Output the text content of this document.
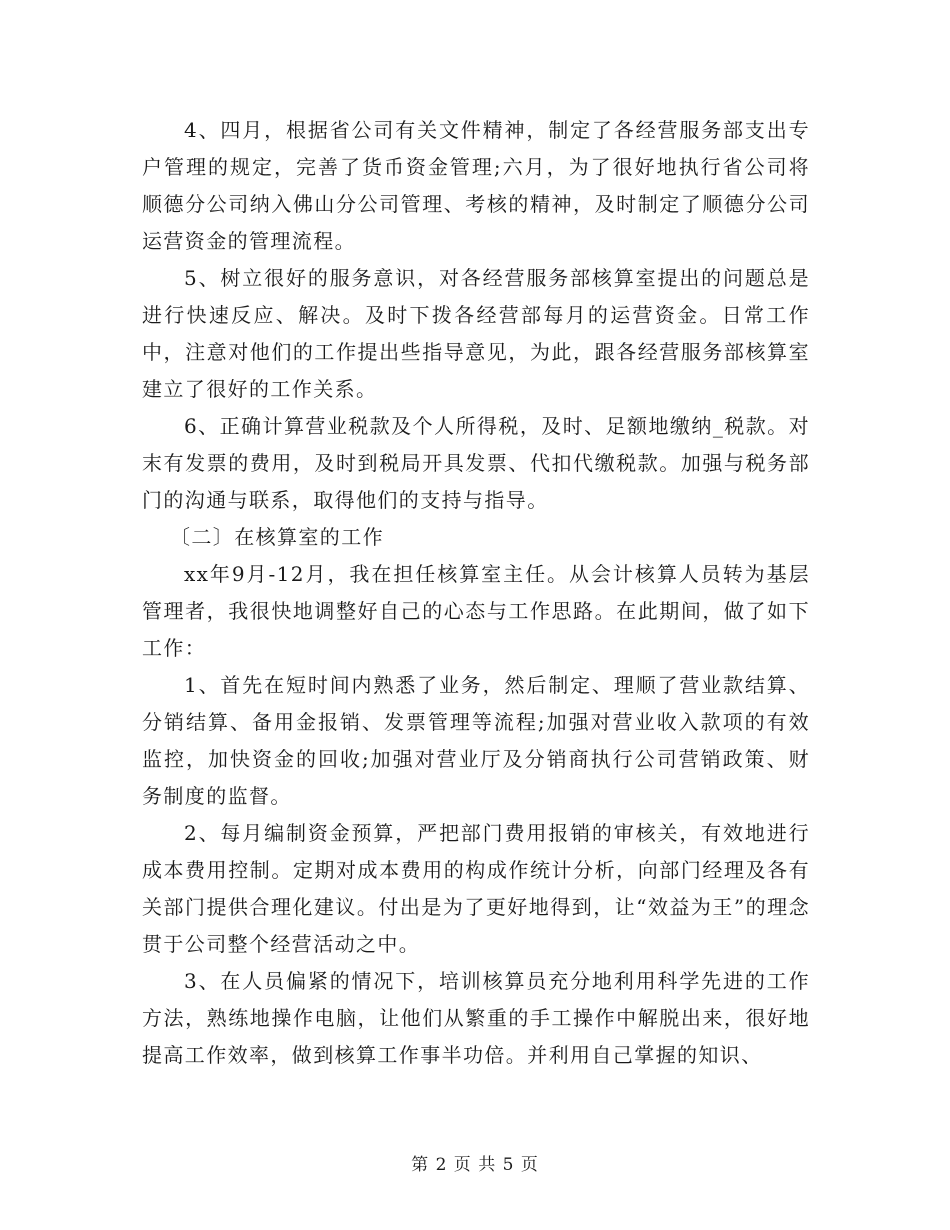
4、四月，根据省公司有关文件精神，制定了各经营服务部支出专户管理的规定，完善了货币资金管理;六月，为了很好地执行省公司将顺德分公司纳入佛山分公司管理、考核的精神，及时制定了顺德分公司运营资金的管理流程。

5、树立很好的服务意识，对各经营服务部核算室提出的问题总是进行快速反应、解决。及时下拨各经营部每月的运营资金。日常工作中，注意对他们的工作提出些指导意见，为此，跟各经营服务部核算室建立了很好的工作关系。

6、正确计算营业税款及个人所得税，及时、足额地缴纳_税款。对末有发票的费用，及时到税局开具发票、代扣代缴税款。加强与税务部门的沟通与联系，取得他们的支持与指导。

〔二〕在核算室的工作

xx年9月-12月，我在担任核算室主任。从会计核算人员转为基层管理者，我很快地调整好自己的心态与工作思路。在此期间，做了如下工作：

1、首先在短时间内熟悉了业务，然后制定、理顺了营业款结算、分销结算、备用金报销、发票管理等流程;加强对营业收入款项的有效监控，加快资金的回收;加强对营业厅及分销商执行公司营销政策、财务制度的监督。

2、每月编制资金预算，严把部门费用报销的审核关，有效地进行成本费用控制。定期对成本费用的构成作统计分析，向部门经理及各有关部门提供合理化建议。付出是为了更好地得到，让“效益为王”的理念贯于公司整个经营活动之中。

3、在人员偏紧的情况下，培训核算员充分地利用科学先进的工作方法，熟练地操作电脑，让他们从繁重的手工操作中解脱出来，很好地提高工作效率，做到核算工作事半功倍。并利用自己掌握的知识、

第 2 页 共 5 页
